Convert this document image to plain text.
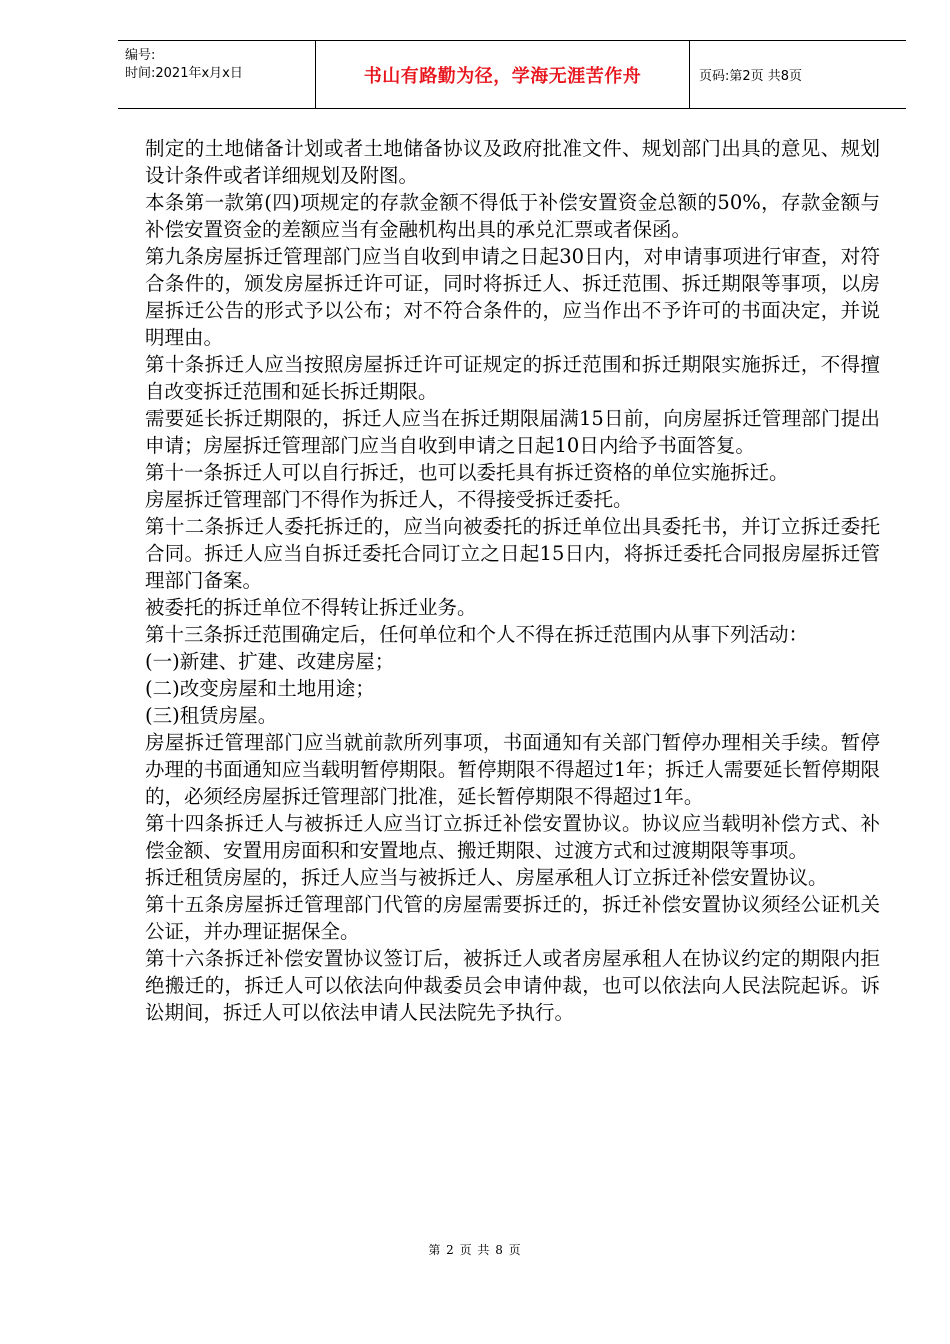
编号:
时间:2021年x月x日	书山有路勤为径，学海无涯苦作舟	页码:第2页 共8页

制定的土地储备计划或者土地储备协议及政府批准文件、规划部门出具的意见、规划设计条件或者详细规划及附图。

本条第一款第(四)项规定的存款金额不得低于补偿安置资金总额的50%，存款金额与补偿安置资金的差额应当有金融机构出具的承兑汇票或者保函。

第九条房屋拆迁管理部门应当自收到申请之日起30日内，对申请事项进行审查，对符合条件的，颁发房屋拆迁许可证，同时将拆迁人、拆迁范围、拆迁期限等事项，以房屋拆迁公告的形式予以公布；对不符合条件的，应当作出不予许可的书面决定，并说明理由。

第十条拆迁人应当按照房屋拆迁许可证规定的拆迁范围和拆迁期限实施拆迁，不得擅自改变拆迁范围和延长拆迁期限。

需要延长拆迁期限的，拆迁人应当在拆迁期限届满15日前，向房屋拆迁管理部门提出申请；房屋拆迁管理部门应当自收到申请之日起10日内给予书面答复。

第十一条拆迁人可以自行拆迁，也可以委托具有拆迁资格的单位实施拆迁。

房屋拆迁管理部门不得作为拆迁人，不得接受拆迁委托。

第十二条拆迁人委托拆迁的，应当向被委托的拆迁单位出具委托书，并订立拆迁委托合同。拆迁人应当自拆迁委托合同订立之日起15日内，将拆迁委托合同报房屋拆迁管理部门备案。

被委托的拆迁单位不得转让拆迁业务。

第十三条拆迁范围确定后，任何单位和个人不得在拆迁范围内从事下列活动：

(一)新建、扩建、改建房屋；

(二)改变房屋和土地用途；

(三)租赁房屋。

房屋拆迁管理部门应当就前款所列事项，书面通知有关部门暂停办理相关手续。暂停办理的书面通知应当载明暂停期限。暂停期限不得超过1年；拆迁人需要延长暂停期限的，必须经房屋拆迁管理部门批准，延长暂停期限不得超过1年。

第十四条拆迁人与被拆迁人应当订立拆迁补偿安置协议。协议应当载明补偿方式、补偿金额、安置用房面积和安置地点、搬迁期限、过渡方式和过渡期限等事项。

拆迁租赁房屋的，拆迁人应当与被拆迁人、房屋承租人订立拆迁补偿安置协议。

第十五条房屋拆迁管理部门代管的房屋需要拆迁的，拆迁补偿安置协议须经公证机关公证，并办理证据保全。

第十六条拆迁补偿安置协议签订后，被拆迁人或者房屋承租人在协议约定的期限内拒绝搬迁的，拆迁人可以依法向仲裁委员会申请仲裁，也可以依法向人民法院起诉。诉讼期间，拆迁人可以依法申请人民法院先予执行。

第 2 页 共 8 页
